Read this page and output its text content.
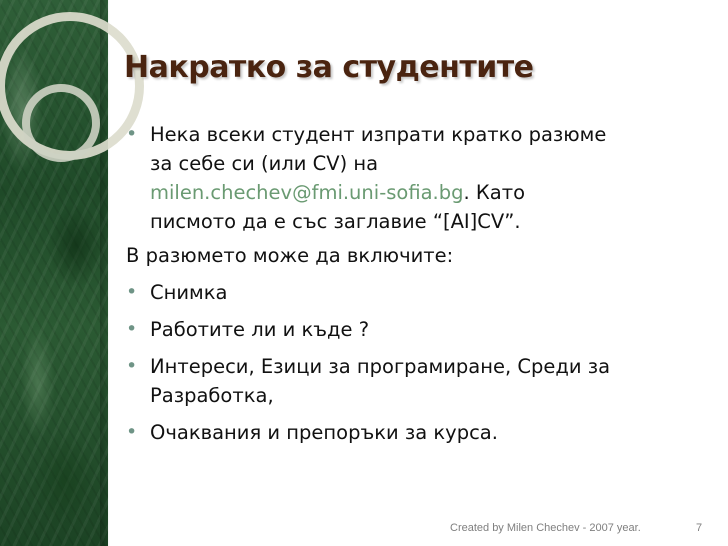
Накратко за студентите
• Нека всеки студент изпрати кратко разюме
за себе си (или CV) на
milen.chechev@fmi.uni-sofia.bg. Като
писмото да е със заглавие “[AI]CV”.
В разюмето може да включите:
• Снимка
• Работите ли и къде ?
• Интереси, Езици за програмиране, Среди за
Разработка,
• Очаквания и препоръки за курса.
Created by Milen Chechev - 2007 year.	7
